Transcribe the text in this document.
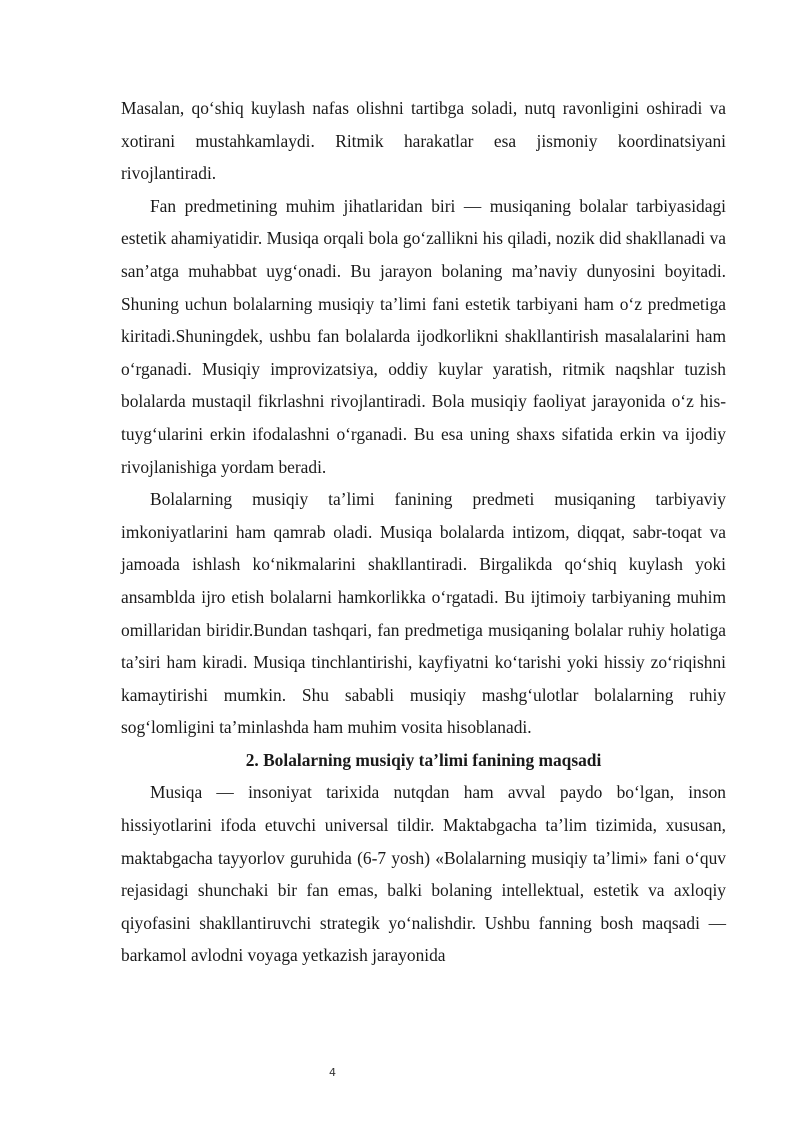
Masalan, qo‘shiq kuylash nafas olishni tartibga soladi, nutq ravonligini oshiradi va xotirani mustahkamlaydi. Ritmik harakatlar esa jismoniy koordinatsiyani rivojlantiradi.

Fan predmetining muhim jihatlaridan biri — musiqaning bolalar tarbiyasidagi estetik ahamiyatidir. Musiqa orqali bola go‘zallikni his qiladi, nozik did shakllanadi va san’atga muhabbat uyg‘onadi. Bu jarayon bolaning ma’naviy dunyosini boyitadi. Shuning uchun bolalarning musiqiy ta’limi fani estetik tarbiyani ham o‘z predmetiga kiritadi.Shuningdek, ushbu fan bolalarda ijodkorlikni shakllantirish masalalarini ham o‘rganadi. Musiqiy improvizatsiya, oddiy kuylar yaratish, ritmik naqshlar tuzish bolalarda mustaqil fikrlashni rivojlantiradi. Bola musiqiy faoliyat jarayonida o‘z his-tuyg‘ularini erkin ifodalashni o‘rganadi. Bu esa uning shaxs sifatida erkin va ijodiy rivojlanishiga yordam beradi.

Bolalarning musiqiy ta’limi fanining predmeti musiqaning tarbiyaviy imkoniyatlarini ham qamrab oladi. Musiqa bolalarda intizom, diqqat, sabr-toqat va jamoada ishlash ko‘nikmalarini shakllantiradi. Birgalikda qo‘shiq kuylash yoki ansamblda ijro etish bolalarni hamkorlikka o‘rgatadi. Bu ijtimoiy tarbiyaning muhim omillaridan biridir.Bundan tashqari, fan predmetiga musiqaning bolalar ruhiy holatiga ta’siri ham kiradi. Musiqa tinchlantirishi, kayfiyatni ko‘tarishi yoki hissiy zo‘riqishni kamaytirishi mumkin. Shu sababli musiqiy mashg‘ulotlar bolalarning ruhiy sog‘lomligini ta’minlashda ham muhim vosita hisoblanadi.

2. Bolalarning musiqiy ta’limi fanining maqsadi

Musiqa — insoniyat tarixida nutqdan ham avval paydo bo‘lgan, inson hissiyotlarini ifoda etuvchi universal tildir. Maktabgacha ta’lim tizimida, xususan, maktabgacha tayyorlov guruhida (6-7 yosh) «Bolalarning musiqiy ta’limi» fani o‘quv rejasidagi shunchaki bir fan emas, balki bolaning intellektual, estetik va axloqiy qiyofasini shakllantiruvchi strategik yo‘nalishdir. Ushbu fanning bosh maqsadi — barkamol avlodni voyaga yetkazish jarayonida

4
